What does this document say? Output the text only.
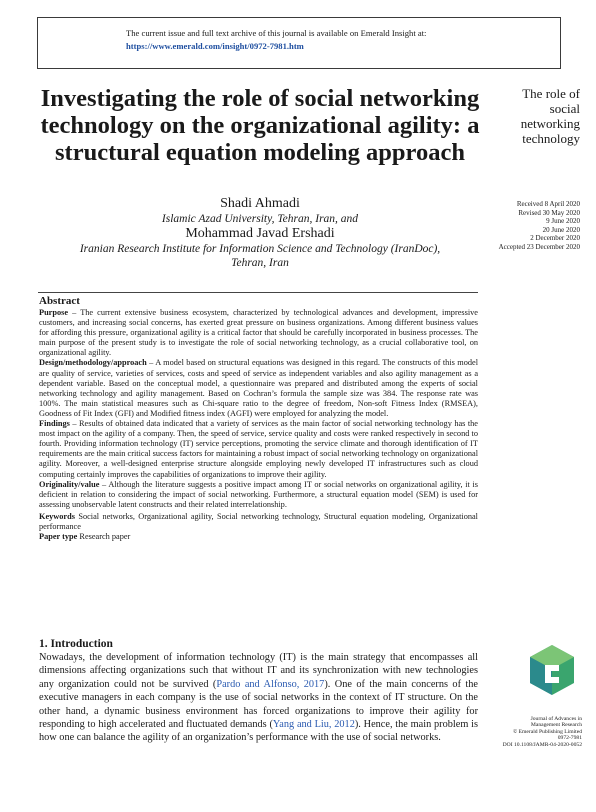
The current issue and full text archive of this journal is available on Emerald Insight at:
https://www.emerald.com/insight/0972-7981.htm
Investigating the role of social networking technology on the organizational agility: a structural equation modeling approach
Shadi Ahmadi
Islamic Azad University, Tehran, Iran, and
Mohammad Javad Ershadi
Iranian Research Institute for Information Science and Technology (IranDoc),
Tehran, Iran
The role of social networking technology
Received 8 April 2020
Revised 30 May 2020
9 June 2020
20 June 2020
2 December 2020
Accepted 23 December 2020
Abstract

Purpose – The current extensive business ecosystem, characterized by technological advances and development, impressive customers, and increasing social concerns, has exerted great pressure on business organizations. Among different business values for affording this pressure, organizational agility is a critical factor that should be carefully incorporated in business processes. The main purpose of the present study is to investigate the role of social networking technology, as a crucial collaborative tool, on organizational agility.

Design/methodology/approach – A model based on structural equations was designed in this regard. The constructs of this model are quality of service, varieties of services, costs and speed of service as independent variables and also agility management as a dependent variable. Based on the conceptual model, a questionnaire was prepared and distributed among the experts of social networking technology and agility management. Based on Cochran’s formula the sample size was 384. The response rate was 100%. The main statistical measures such as Chi-square ratio to the degree of freedom, Non-soft Fitness Index (RMSEA), Goodness of Fit Index (GFI) and Modified fitness index (AGFI) were employed for analyzing the model.

Findings – Results of obtained data indicated that a variety of services as the main factor of social networking technology has the most impact on the agility of a company. Then, the speed of service, service quality and costs were ranked respectively in second to fourth. Providing information technology (IT) service perceptions, promoting the service climate and thorough identification of IT requirements are the main critical success factors for maintaining a robust impact of social networking technology on organizational agility. Moreover, a well-designed enterprise structure alongside employing newly developed IT infrastructures such as cloud computing certainly improves the capabilities of organizations to improve their agility.

Originality/value – Although the literature suggests a positive impact among IT or social networks on organizational agility, it is deficient in relation to considering the impact of social networking. Furthermore, a structural equation model (SEM) is used for assessing unobservable latent constructs and their related interrelationship.

Keywords Social networks, Organizational agility, Social networking technology, Structural equation modeling, Organizational performance

Paper type Research paper

1. Introduction

Nowadays, the development of information technology (IT) is the main strategy that encompasses all dimensions affecting organizations such that without IT and its synchronization with new technologies any organization could not be survived (Pardo and Alfonso, 2017). One of the main concerns of the executive managers in each company is the use of social networks in the context of IT structure. On the other hand, a dynamic business environment has forced organizations to improve their agility for responding to high accelerated and fluctuated demands (Yang and Liu, 2012). Hence, the main problem is how one can balance the agility of an organization’s performance with the use of social networks.

Journal of Advances in
Management Research
© Emerald Publishing Limited
0972-7981
DOI 10.1108/JAMR-04-2020-0052
